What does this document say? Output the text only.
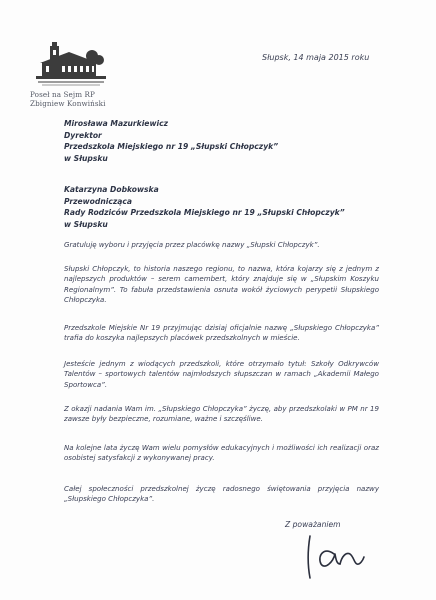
Poseł na Sejm RP
Zbigniew Konwiński
Słupsk, 14 maja 2015 roku
Mirosława Mazurkiewicz
Dyrektor
Przedszkola Miejskiego nr 19 „Słupski Chłopczyk”
w Słupsku
Katarzyna Dobkowska
Przewodnicząca
Rady Rodziców Przedszkola Miejskiego nr 19 „Słupski Chłopczyk”
w Słupsku

Gratuluję wyboru i przyjęcia przez placówkę nazwy „Słupski Chłopczyk”.

Słupski Chłopczyk, to historia naszego regionu, to nazwa, która kojarzy się z jednym z najlepszych produktów – serem camembert, który znajduje się w „Słupskim Koszyku Regionalnym”. To fabuła przedstawienia osnuta wokół życiowych perypetii Słupskiego Chłopczyka.

Przedszkole Miejskie Nr 19 przyjmując dzisiaj oficjalnie nazwę „Słupskiego Chłopczyka” trafia do koszyka najlepszych placówek przedszkolnych w mieście.

Jesteście jednym z wiodących przedszkoli, które otrzymało tytuł: Szkoły Odkrywców Talentów – sportowych talentów najmłodszych słupszczan w ramach „Akademii Małego Sportowca”.

Z okazji nadania Wam im. „Słupskiego Chłopczyka” życzę, aby przedszkolaki w PM nr 19 zawsze były bezpieczne, rozumiane, ważne i szczęśliwe.

Na kolejne lata życzę Wam wielu pomysłów edukacyjnych i możliwości ich realizacji oraz osobistej satysfakcji z wykonywanej pracy.

Całej społeczności przedszkolnej życzę radosnego świętowania przyjęcia nazwy „Słupskiego Chłopczyka”.

Z poważaniem
